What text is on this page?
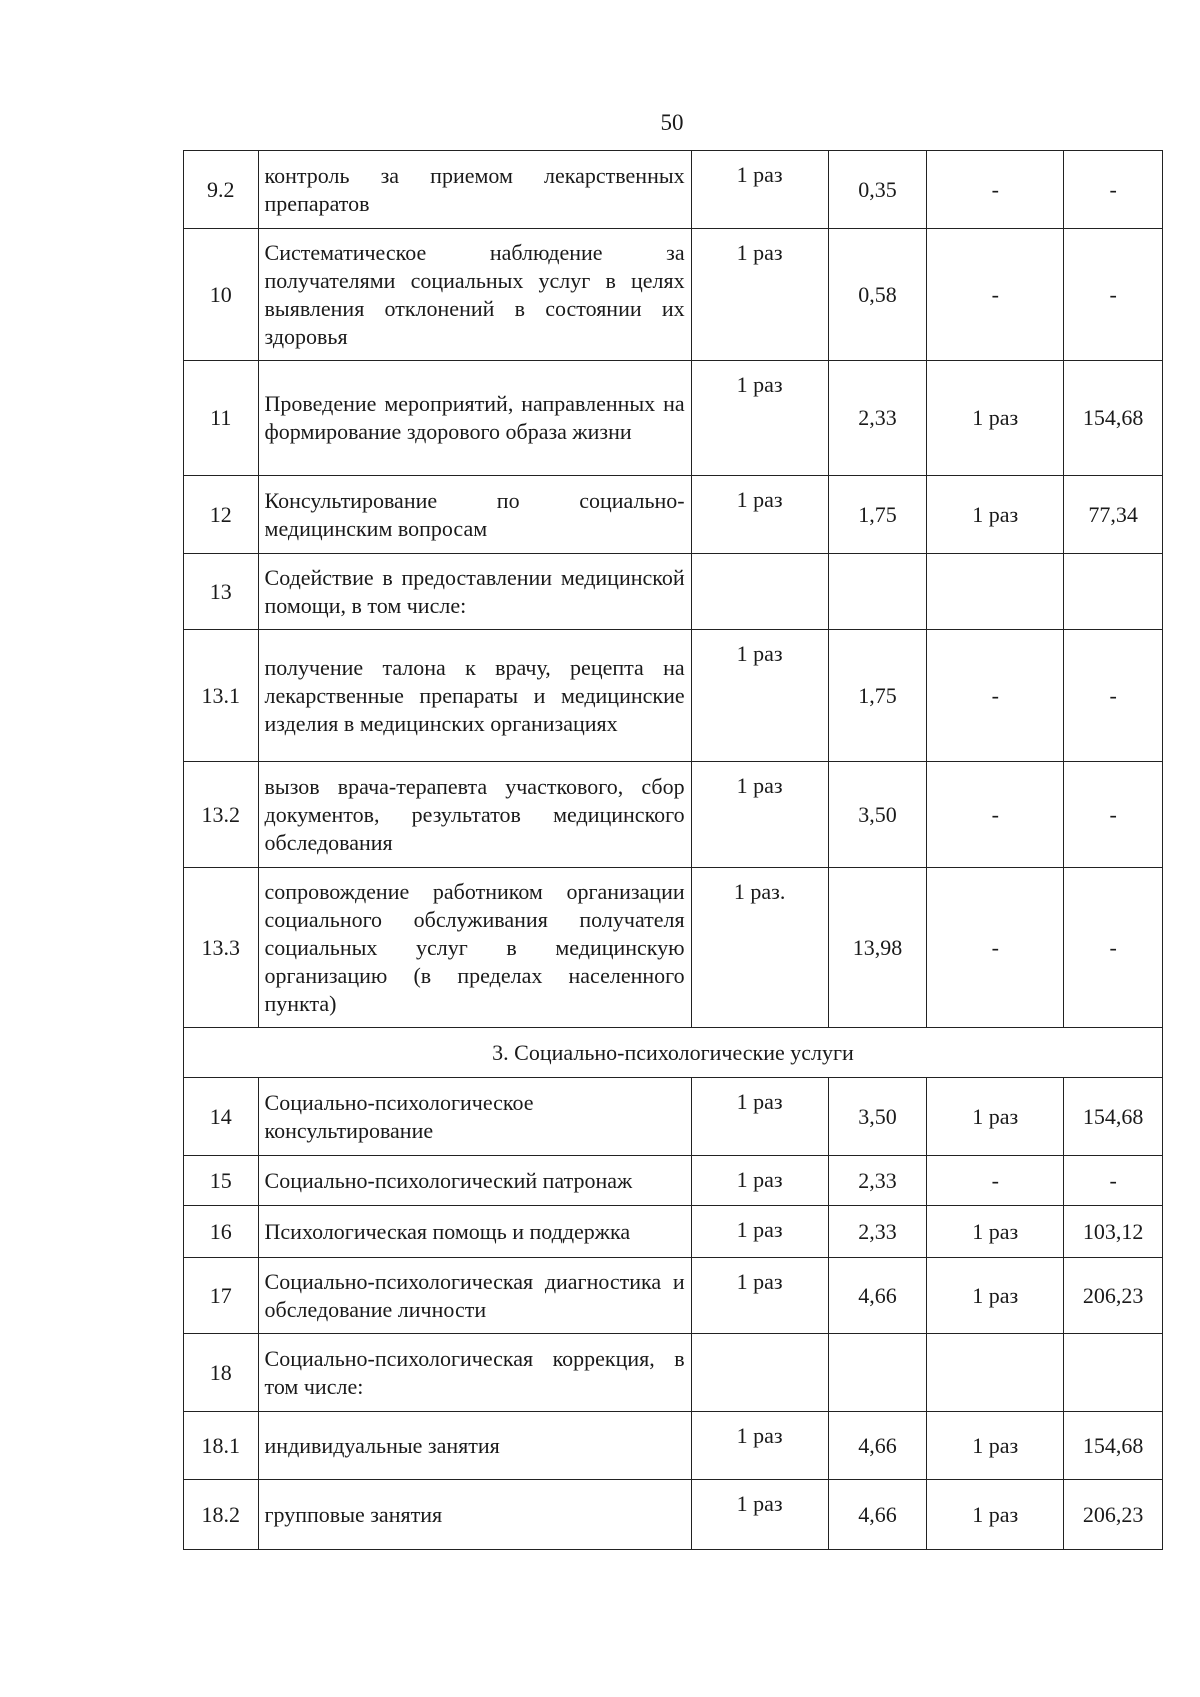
50
9.2	контроль за приемом лекарственных препаратов	1 раз	0,35	-	-
10	Систематическое наблюдение за получателями социальных услуг в целях выявления отклонений в состоянии их здоровья	1 раз	0,58	-	-
11	Проведение мероприятий, направленных на формирование здорового образа жизни	1 раз	2,33	1 раз	154,68
12	Консультирование по социально-медицинским вопросам	1 раз	1,75	1 раз	77,34
13	Содействие в предоставлении медицинской помощи, в том числе:				
13.1	получение талона к врачу, рецепта на лекарственные препараты и медицинские изделия в медицинских организациях	1 раз	1,75	-	-
13.2	вызов врача-терапевта участкового, сбор документов, результатов медицинского обследования	1 раз	3,50	-	-
13.3	сопровождение работником организации социального обслуживания получателя социальных услуг в медицинскую организацию (в пределах населенного пункта)	1 раз.	13,98	-	-
3. Социально-психологические услуги					
14	Социально-психологическое консультирование	1 раз	3,50	1 раз	154,68
15	Социально-психологический патронаж	1 раз	2,33	-	-
16	Психологическая помощь и поддержка	1 раз	2,33	1 раз	103,12
17	Социально-психологическая диагностика и обследование личности	1 раз	4,66	1 раз	206,23
18	Социально-психологическая коррекция, в том числе:				
18.1	индивидуальные занятия	1 раз	4,66	1 раз	154,68
18.2	групповые занятия	1 раз	4,66	1 раз	206,23
